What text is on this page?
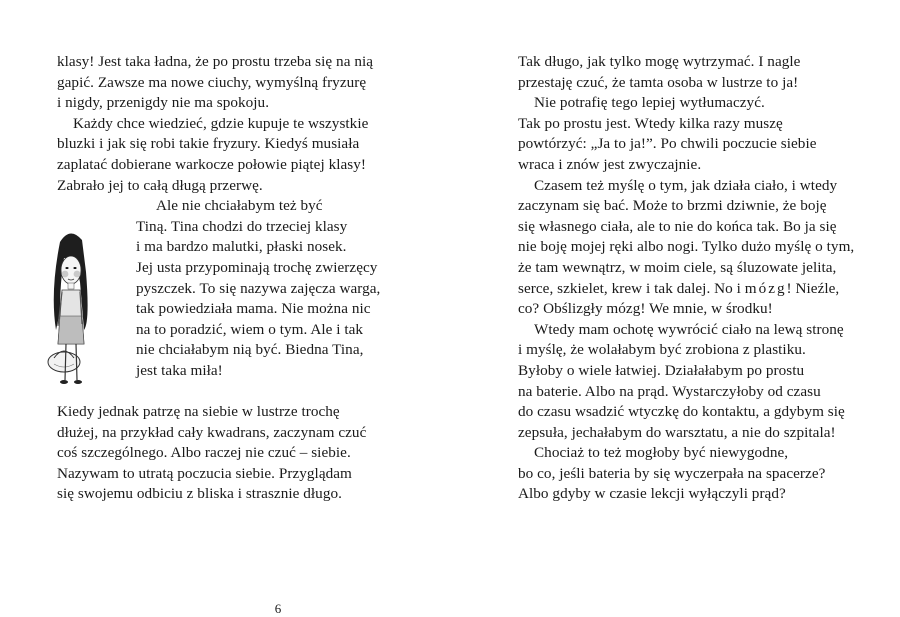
klasy! Jest taka ładna, że po prostu trzeba się na nią
gapić. Zawsze ma nowe ciuchy, wymyślną fryzurę
i nigdy, przenigdy nie ma spokoju.
Każdy chce wiedzieć, gdzie kupuje te wszystkie
bluzki i jak się robi takie fryzury. Kiedyś musiała
zaplatać dobierane warkocze połowie piątej klasy!
Zabrało jej to całą długą przerwę.
Ale nie chciałabym też być
Tiną. Tina chodzi do trzeciej klasy
i ma bardzo malutki, płaski nosek.
Jej usta przypominają trochę zwierzęcy
pyszczek. To się nazywa zajęcza warga,
tak powiedziała mama. Nie można nic
na to poradzić, wiem o tym. Ale i tak
nie chciałabym nią być. Biedna Tina,
jest taka miła!
Kiedy jednak patrzę na siebie w lustrze trochę
dłużej, na przykład cały kwadrans, zaczynam czuć
coś szczególnego. Albo raczej nie czuć – siebie.
Nazywam to utratą poczucia siebie. Przyglądam
się swojemu odbiciu z bliska i strasznie długo.
6
Tak długo, jak tylko mogę wytrzymać. I nagle
przestaję czuć, że tamta osoba w lustrze to ja!
Nie potrafię tego lepiej wytłumaczyć.
Tak po prostu jest. Wtedy kilka razy muszę
powtórzyć: „Ja to ja!”. Po chwili poczucie siebie
wraca i znów jest zwyczajnie.
Czasem też myślę o tym, jak działa ciało, i wtedy
zaczynam się bać. Może to brzmi dziwnie, że boję
się własnego ciała, ale to nie do końca tak. Bo ja się
nie boję mojej ręki albo nogi. Tylko dużo myślę o tym,
że tam wewnątrz, w moim ciele, są śluzowate jelita,
serce, szkielet, krew i tak dalej. No i mózg! Nieźle,
co? Obślizgły mózg! We mnie, w środku!
Wtedy mam ochotę wywrócić ciało na lewą stronę
i myślę, że wolałabym być zrobiona z plastiku.
Byłoby o wiele łatwiej. Działałabym po prostu
na baterie. Albo na prąd. Wystarczyłoby od czasu
do czasu wsadzić wtyczkę do kontaktu, a gdybym się
zepsuła, jechałabym do warsztatu, a nie do szpitala!
Chociaż to też mogłoby być niewygodne,
bo co, jeśli bateria by się wyczerpała na spacerze?
Albo gdyby w czasie lekcji wyłączyli prąd?
